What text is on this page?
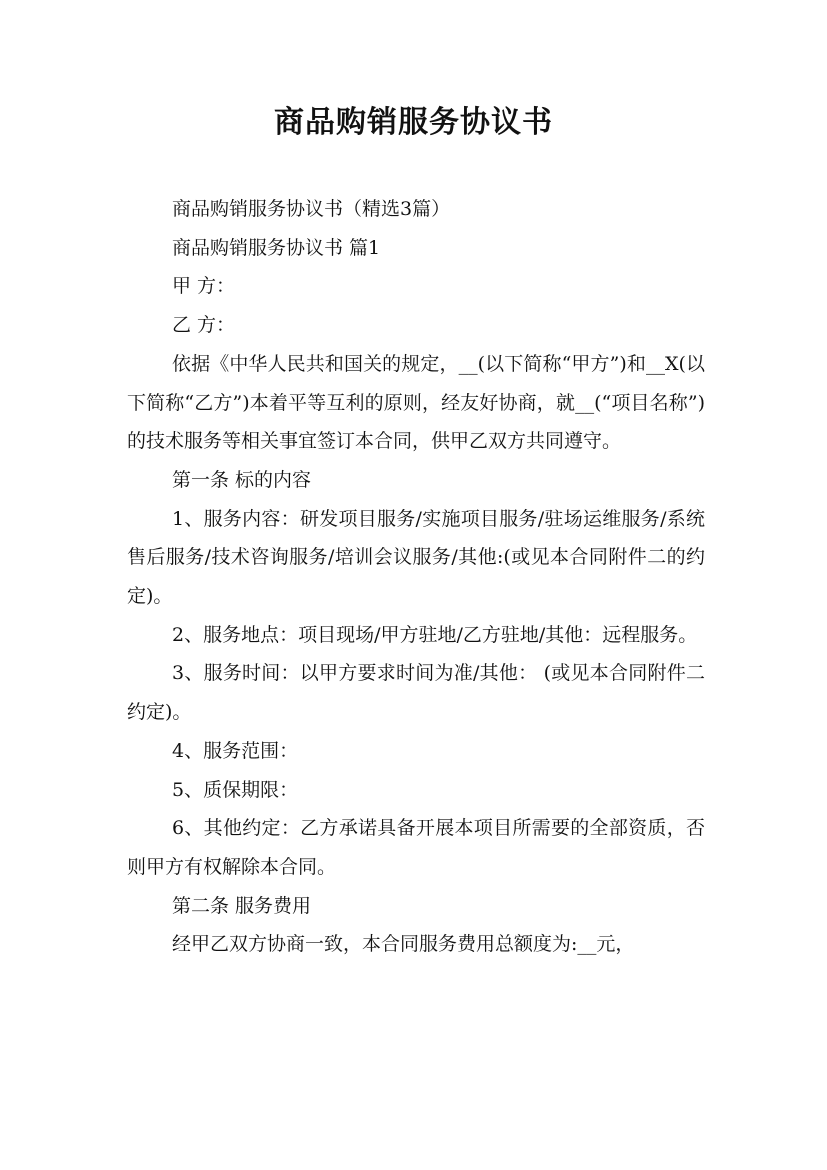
商品购销服务协议书

商品购销服务协议书（精选3篇）

商品购销服务协议书 篇1

甲 方：

乙 方：

依据《中华人民共和国关的规定，__(以下简称“甲方”)和__X(以下简称“乙方”)本着平等互利的原则，经友好协商，就__(“项目名称”)的技术服务等相关事宜签订本合同，供甲乙双方共同遵守。

第一条 标的内容

1、服务内容：研发项目服务/实施项目服务/驻场运维服务/系统售后服务/技术咨询服务/培训会议服务/其他:(或见本合同附件二的约定)。

2、服务地点：项目现场/甲方驻地/乙方驻地/其他：远程服务。

3、服务时间：以甲方要求时间为准/其他： (或见本合同附件二约定)。

4、服务范围：

5、质保期限：

6、其他约定：乙方承诺具备开展本项目所需要的全部资质，否则甲方有权解除本合同。

第二条 服务费用

经甲乙双方协商一致，本合同服务费用总额度为:__元，
